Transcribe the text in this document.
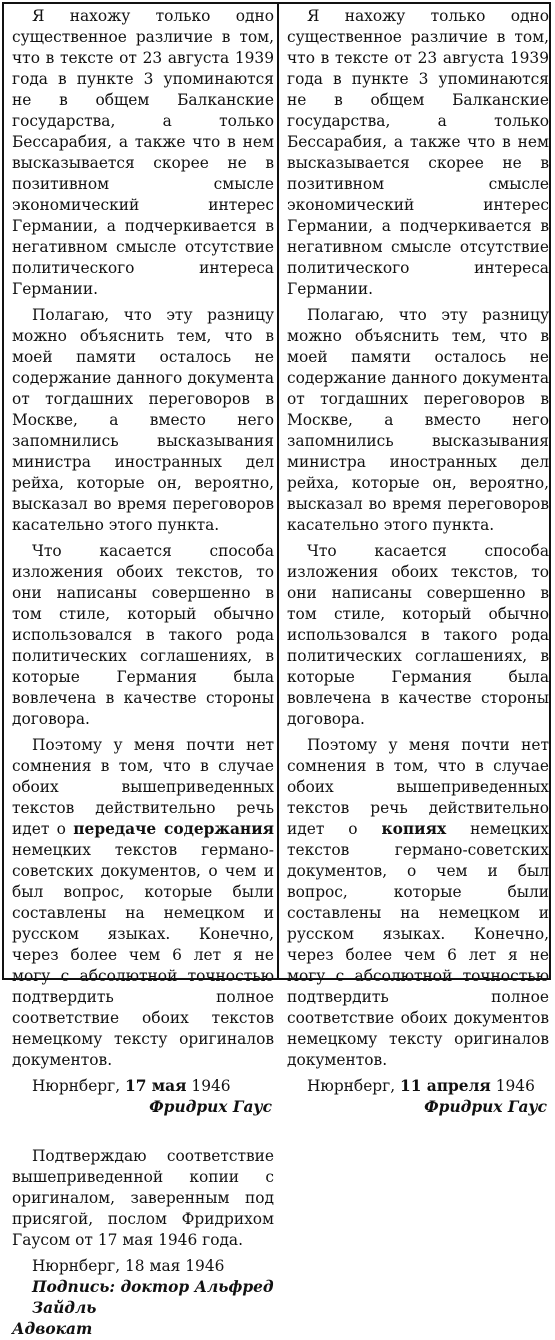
Я нахожу только одно существенное различие в том, что в тексте от 23 августа 1939 года в пункте 3 упоминаются не в общем Балканские государства, а только Бессарабия, а также что в нем высказывается скорее не в позитивном смысле экономический интерес Германии, а подчеркивается в негативном смысле отсутствие политического интереса Германии.

Полагаю, что эту разницу можно объяснить тем, что в моей памяти осталось не содержание данного документа от тогдашних переговоров в Москве, а вместо него запомнились высказывания министра иностранных дел рейха, которые он, вероятно, высказал во время переговоров касательно этого пункта.

Что касается способа изложения обоих текстов, то они написаны совершенно в том стиле, который обычно использовался в такого рода политических соглашениях, в которые Германия была вовлечена в качестве стороны договора.

Поэтому у меня почти нет сомнения в том, что в случае обоих вышеприведенных текстов действительно речь идет о передаче содержания немецких текстов германо-советских документов, о чем и был вопрос, которые были составлены на немецком и русском языках. Конечно, через более чем 6 лет я не могу с абсолютной точностью подтвердить полное соответствие обоих текстов немецкому тексту оригиналов документов.

Нюрнберг, 17 мая 1946
Фридрих Гаус

Подтверждаю соответствие вышеприведенной копии с оригиналом, заверенным под присягой, послом Фридрихом Гаусом от 17 мая 1946 года.

Нюрнберг, 18 мая 1946
Подпись: доктор Альфред Зайдль
Адвокат

Я нахожу только одно существенное различие в том, что в тексте от 23 августа 1939 года в пункте 3 упоминаются не в общем Балканские государства, а только Бессарабия, а также что в нем высказывается скорее не в позитивном смысле экономический интерес Германии, а подчеркивается в негативном смысле отсутствие политического интереса Германии.

Полагаю, что эту разницу можно объяснить тем, что в моей памяти осталось не содержание данного документа от тогдашних переговоров в Москве, а вместо него запомнились высказывания министра иностранных дел рейха, которые он, вероятно, высказал во время переговоров касательно этого пункта.

Что касается способа изложения обоих текстов, то они написаны совершенно в том стиле, который обычно использовался в такого рода политических соглашениях, в которые Германия была вовлечена в качестве стороны договора.

Поэтому у меня почти нет сомнения в том, что в случае обоих вышеприведенных текстов речь действительно идет о копиях немецких текстов германо-советских документов, о чем и был вопрос, которые были составлены на немецком и русском языках. Конечно, через более чем 6 лет я не могу с абсолютной точностью подтвердить полное соответствие обоих документов немецкому тексту оригиналов документов.

Нюрнберг, 11 апреля 1946
Фридрих Гаус
